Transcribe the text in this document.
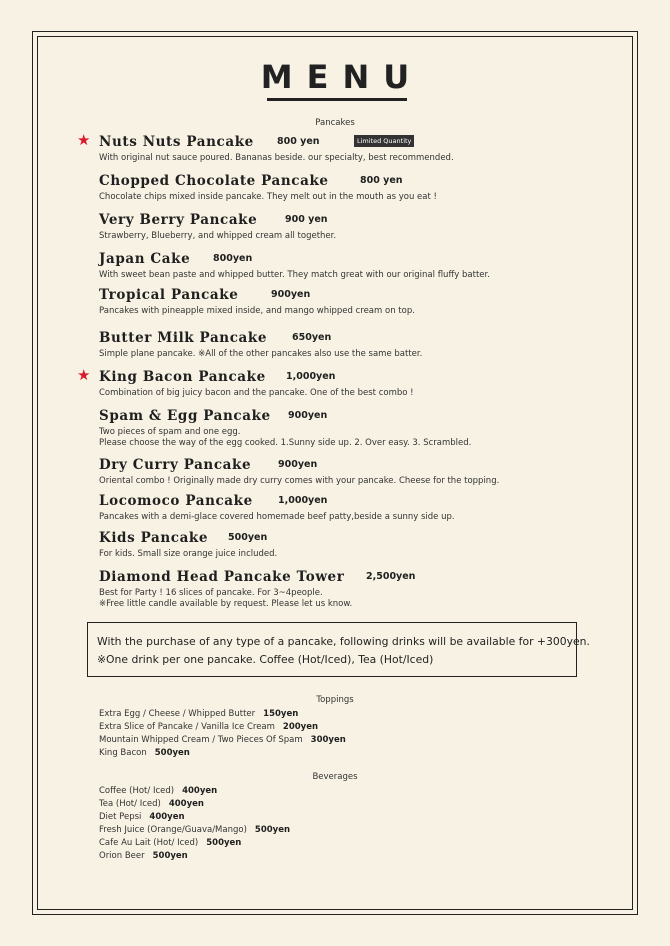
MENU
Pancakes
★ Nuts Nuts Pancake	800 yen	Limited Quantity
With original nut sauce poured. Bananas beside. our specialty, best recommended.
Chopped Chocolate Pancake	800 yen
Chocolate chips mixed inside pancake. They melt out in the mouth as you eat !
Very Berry Pancake	900 yen
Strawberry, Blueberry, and whipped cream all together.
Japan Cake	800yen
With sweet bean paste and whipped butter. They match great with our original fluffy batter.
Tropical Pancake	900yen
Pancakes with pineapple mixed inside, and mango whipped cream on top.
Butter Milk Pancake	650yen
Simple plane pancake. ※All of the other pancakes also use the same batter.
★ King Bacon Pancake	1,000yen
Combination of big juicy bacon and the pancake. One of the best combo !
Spam & Egg Pancake	900yen
Two pieces of spam and one egg.
Please choose the way of the egg cooked. 1.Sunny side up. 2. Over easy. 3. Scrambled.
Dry Curry Pancake	900yen
Oriental combo ! Originally made dry curry comes with your pancake. Cheese for the topping.
Locomoco Pancake	1,000yen
Pancakes with a demi-glace covered homemade beef patty,beside a sunny side up.
Kids Pancake	500yen
For kids. Small size orange juice included.
Diamond Head Pancake Tower	2,500yen
Best for Party ! 16 slices of pancake. For 3~4people.
※Free little candle available by request. Please let us know.
With the purchase of any type of a pancake, following drinks will be available for +300yen.
※One drink per one pancake. Coffee (Hot/Iced), Tea (Hot/Iced)
Toppings
Extra Egg / Cheese / Whipped Butter 150yen
Extra Slice of Pancake / Vanilla Ice Cream 200yen
Mountain Whipped Cream / Two Pieces Of Spam 300yen
King Bacon 500yen
Beverages
Coffee (Hot/ Iced) 400yen
Tea (Hot/ Iced) 400yen
Diet Pepsi 400yen
Fresh Juice (Orange/Guava/Mango) 500yen
Cafe Au Lait (Hot/ Iced) 500yen
Orion Beer 500yen
